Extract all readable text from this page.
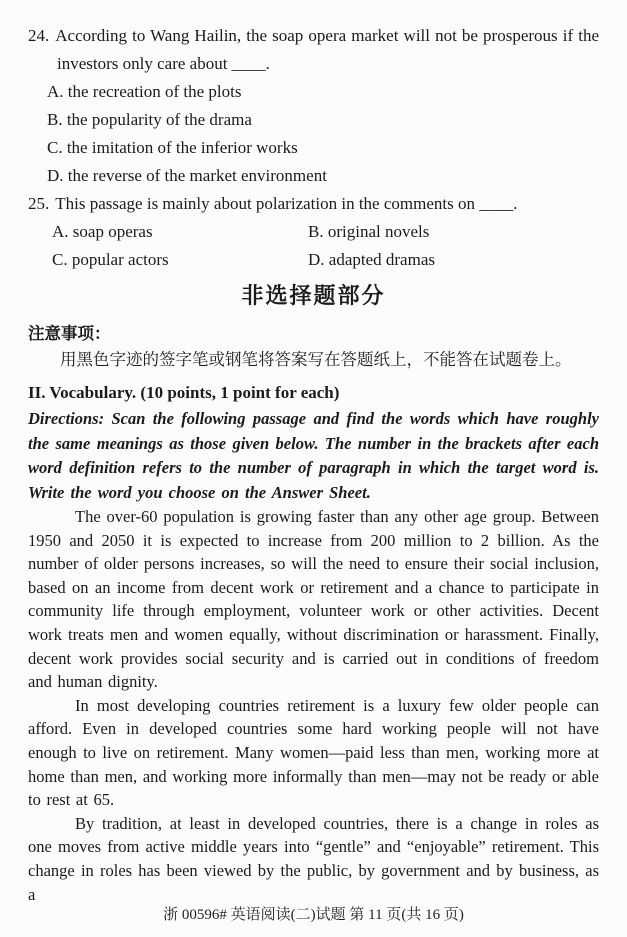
24. According to Wang Hailin, the soap opera market will not be prosperous if the investors only care about ____.
A. the recreation of the plots
B. the popularity of the drama
C. the imitation of the inferior works
D. the reverse of the market environment
25. This passage is mainly about polarization in the comments on ____.
A. soap operas	B. original novels
C. popular actors	D. adapted dramas
非选择题部分
注意事项：
用黑色字迹的签字笔或钢笔将答案写在答题纸上，不能答在试题卷上。
II. Vocabulary. (10 points, 1 point for each)
Directions: Scan the following passage and find the words which have roughly the same meanings as those given below. The number in the brackets after each word definition refers to the number of paragraph in which the target word is. Write the word you choose on the Answer Sheet.

The over-60 population is growing faster than any other age group. Between 1950 and 2050 it is expected to increase from 200 million to 2 billion. As the number of older persons increases, so will the need to ensure their social inclusion, based on an income from decent work or retirement and a chance to participate in community life through employment, volunteer work or other activities. Decent work treats men and women equally, without discrimination or harassment. Finally, decent work provides social security and is carried out in conditions of freedom and human dignity.

In most developing countries retirement is a luxury few older people can afford. Even in developed countries some hard working people will not have enough to live on retirement. Many women—paid less than men, working more at home than men, and working more informally than men—may not be ready or able to rest at 65.

By tradition, at least in developed countries, there is a change in roles as one moves from active middle years into “gentle” and “enjoyable” retirement. This change in roles has been viewed by the public, by government and by business, as a

浙 00596# 英语阅读(二)试题 第 11 页(共 16 页)
